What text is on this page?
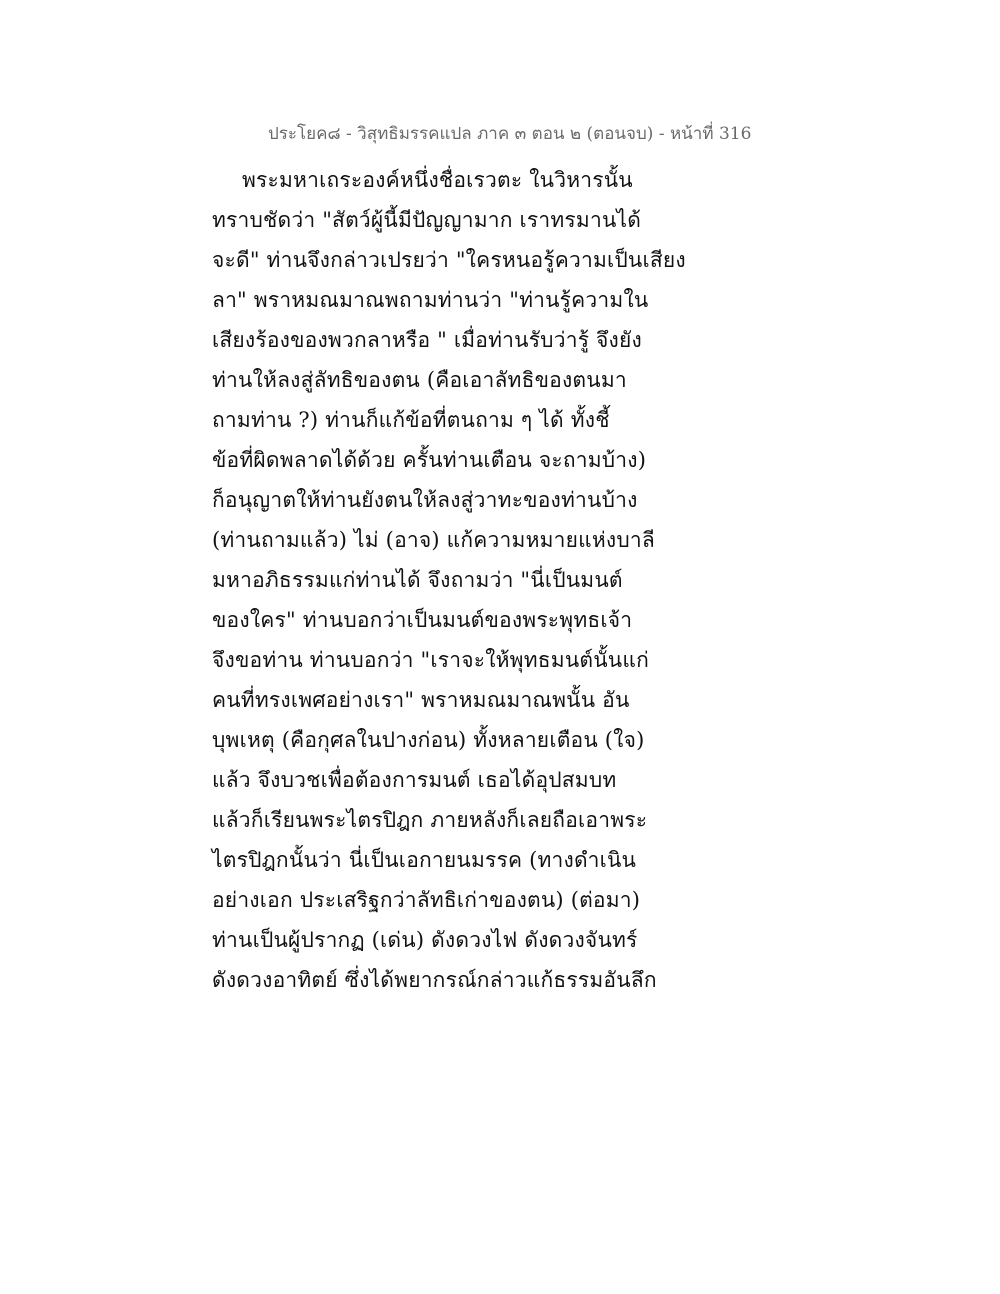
ประโยค๘ - วิสุทธิมรรคแปล ภาค ๓ ตอน ๒ (ตอนจบ) - หน้าที่ 316
พระมหาเถระองค์หนึ่งชื่อเรวตะ ในวิหารนั้น
ทราบชัดว่า "สัตว์ผู้นี้มีปัญญามาก เราทรมานได้
จะดี" ท่านจึงกล่าวเปรยว่า "ใครหนอรู้ความเป็นเสียง
ลา" พราหมณมาณพถามท่านว่า "ท่านรู้ความใน
เสียงร้องของพวกลาหรือ " เมื่อท่านรับว่ารู้ จึงยัง
ท่านให้ลงสู่ลัทธิของตน (คือเอาลัทธิของตนมา
ถามท่าน ?) ท่านก็แก้ข้อที่ตนถาม ๆ ได้ ทั้งชี้
ข้อที่ผิดพลาดได้ด้วย ครั้นท่านเตือน จะถามบ้าง)
ก็อนุญาตให้ท่านยังตนให้ลงสู่วาทะของท่านบ้าง
(ท่านถามแล้ว) ไม่ (อาจ) แก้ความหมายแห่งบาลี
มหาอภิธรรมแก่ท่านได้ จึงถามว่า "นี่เป็นมนต์
ของใคร" ท่านบอกว่าเป็นมนต์ของพระพุทธเจ้า
จึงขอท่าน ท่านบอกว่า "เราจะให้พุทธมนต์นั้นแก่
คนที่ทรงเพศอย่างเรา" พราหมณมาณพนั้น อัน
บุพเหตุ (คือกุศลในปางก่อน) ทั้งหลายเตือน (ใจ)
แล้ว จึงบวชเพื่อต้องการมนต์ เธอได้อุปสมบท
แล้วก็เรียนพระไตรปิฎก ภายหลังก็เลยถือเอาพระ
ไตรปิฎกนั้นว่า นี่เป็นเอกายนมรรค (ทางดำเนิน
อย่างเอก ประเสริฐกว่าลัทธิเก่าของตน) (ต่อมา)
ท่านเป็นผู้ปรากฏ (เด่น) ดังดวงไฟ ดังดวงจันทร์
ดังดวงอาทิตย์ ซึ่งได้พยากรณ์กล่าวแก้ธรรมอันลึก
